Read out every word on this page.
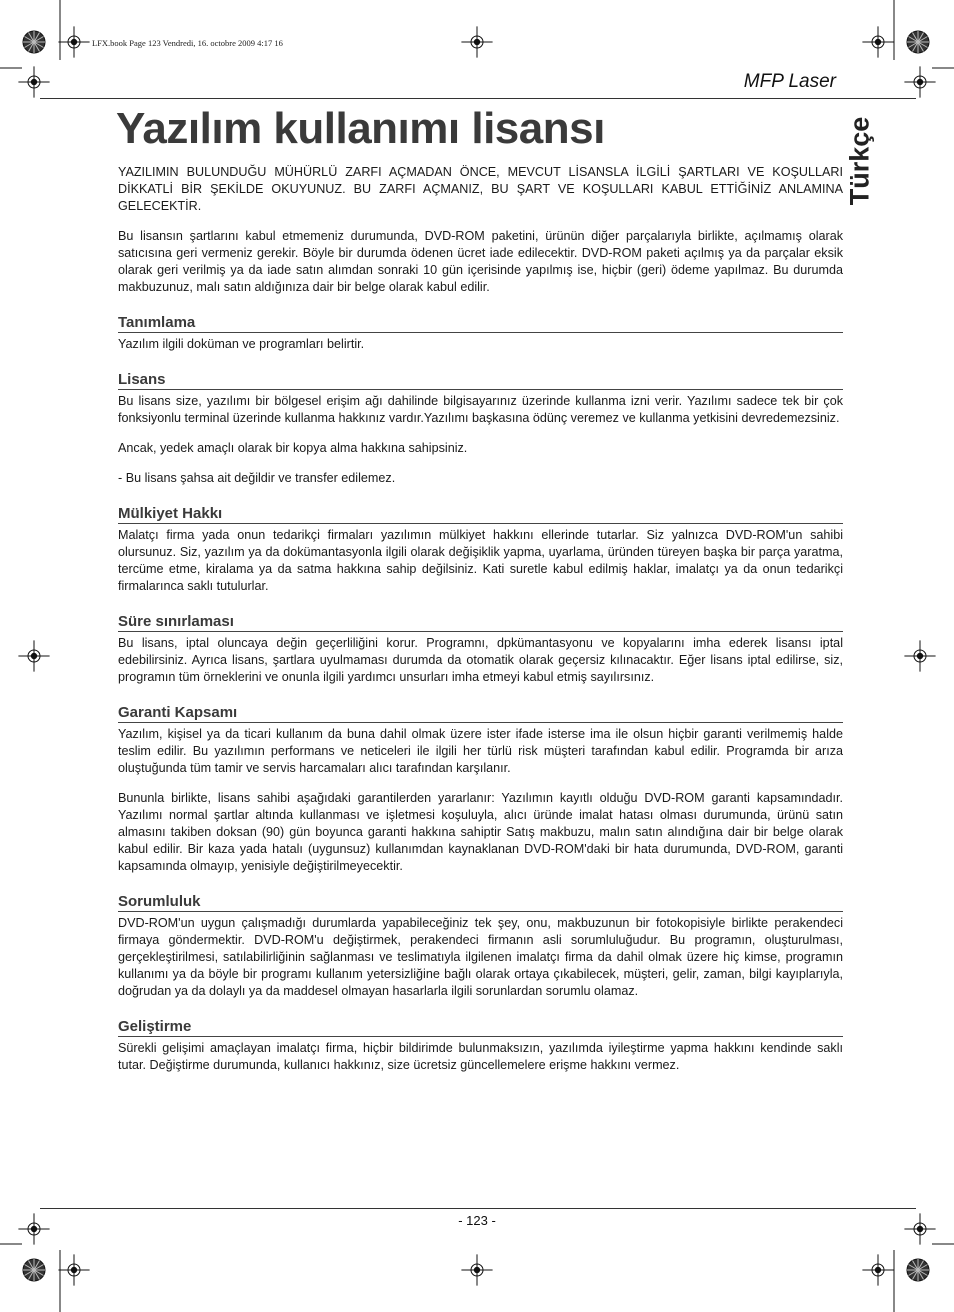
LFX.book Page 123 Vendredi, 16. octobre 2009 4:17 16
MFP Laser
Yazılım kullanımı lisansı	Türkçe

YAZILIMIN BULUNDUĞU MÜHÜRLÜ ZARFI AÇMADAN ÖNCE, MEVCUT LİSANSLA İLGİLİ ŞARTLARI VE KOŞULLARI DİKKATLİ BİR ŞEKİLDE OKUYUNUZ. BU ZARFI AÇMANIZ, BU ŞART VE KOŞULLARI KABUL ETTİĞİNİZ ANLAMINA GELECEKTİR.

Bu lisansın şartlarını kabul etmemeniz durumunda, DVD-ROM paketini, ürünün diğer parçalarıyla birlikte, açılmamış olarak satıcısına geri vermeniz gerekir. Böyle bir durumda ödenen ücret iade edilecektir. DVD-ROM paketi açılmış ya da parçalar eksik olarak geri verilmiş ya da iade satın alımdan sonraki 10 gün içerisinde yapılmış ise, hiçbir (geri) ödeme yapılmaz. Bu durumda makbuzunuz, malı satın aldığınıza dair bir belge olarak kabul edilir.

Tanımlama

Yazılım ilgili doküman ve programları belirtir.

Lisans

Bu lisans size, yazılımı bir bölgesel erişim ağı dahilinde bilgisayarınız üzerinde kullanma izni verir. Yazılımı sadece tek bir çok fonksiyonlu terminal üzerinde kullanma hakkınız vardır.Yazılımı başkasına ödünç veremez ve kullanma yetkisini devredemezsiniz.

Ancak, yedek amaçlı olarak bir kopya alma hakkına sahipsiniz.

- Bu lisans şahsa ait değildir ve transfer edilemez.

Mülkiyet Hakkı

Malatçı firma yada onun tedarikçi firmaları yazılımın mülkiyet hakkını ellerinde tutarlar. Siz yalnızca DVD-ROM'un sahibi olursunuz. Siz, yazılım ya da dokümantasyonla ilgili olarak değişiklik yapma, uyarlama, üründen türeyen başka bir parça yaratma, tercüme etme, kiralama ya da satma hakkına sahip değilsiniz. Kati suretle kabul edilmiş haklar, imalatçı ya da onun tedarikçi firmalarınca saklı tutulurlar.

Süre sınırlaması

Bu lisans, iptal oluncaya değin geçerliliğini korur. Programnı, dpkümantasyonu ve kopyalarını imha ederek lisansı iptal edebilirsiniz. Ayrıca lisans, şartlara uyulmaması durumda da otomatik olarak geçersiz kılınacaktır. Eğer lisans iptal edilirse, siz, programın tüm örneklerini ve onunla ilgili yardımcı unsurları imha etmeyi kabul etmiş sayılırsınız.

Garanti Kapsamı

Yazılım, kişisel ya da ticari kullanım da buna dahil olmak üzere ister ifade isterse ima ile olsun hiçbir garanti verilmemiş halde teslim edilir. Bu yazılımın performans ve neticeleri ile ilgili her türlü risk müşteri tarafından kabul edilir. Programda bir arıza oluştuğunda tüm tamir ve servis harcamaları alıcı tarafından karşılanır.

Bununla birlikte, lisans sahibi aşağıdaki garantilerden yararlanır: Yazılımın kayıtlı olduğu DVD-ROM garanti kapsamındadır. Yazılımı normal şartlar altında kullanması ve işletmesi koşuluyla, alıcı üründe imalat hatası olması durumunda, ürünü satın almasını takiben doksan (90) gün boyunca garanti hakkına sahiptir Satış makbuzu, malın satın alındığına dair bir belge olarak kabul edilir. Bir kaza yada hatalı (uygunsuz) kullanımdan kaynaklanan DVD-ROM'daki bir hata durumunda, DVD-ROM, garanti kapsamında olmayıp, yenisiyle değiştirilmeyecektir.

Sorumluluk

DVD-ROM'un uygun çalışmadığı durumlarda yapabileceğiniz tek şey, onu, makbuzunun bir fotokopisiyle birlikte perakendeci firmaya göndermektir. DVD-ROM'u değiştirmek, perakendeci firmanın asli sorumluluğudur. Bu programın, oluşturulması, gerçekleştirilmesi, satılabilirliğinin sağlanması ve teslimatıyla ilgilenen imalatçı firma da dahil olmak üzere hiç kimse, programın kullanımı ya da böyle bir programı kullanım yetersizliğine bağlı olarak ortaya çıkabilecek, müşteri, gelir, zaman, bilgi kayıplarıyla, doğrudan ya da dolaylı ya da maddesel olmayan hasarlarla ilgili sorunlardan sorumlu olamaz.

Geliştirme

Sürekli gelişimi amaçlayan imalatçı firma, hiçbir bildirimde bulunmaksızın, yazılımda iyileştirme yapma hakkını kendinde saklı tutar. Değiştirme durumunda, kullanıcı hakkınız, size ücretsiz güncellemelere erişme hakkını vermez.

- 123 -
